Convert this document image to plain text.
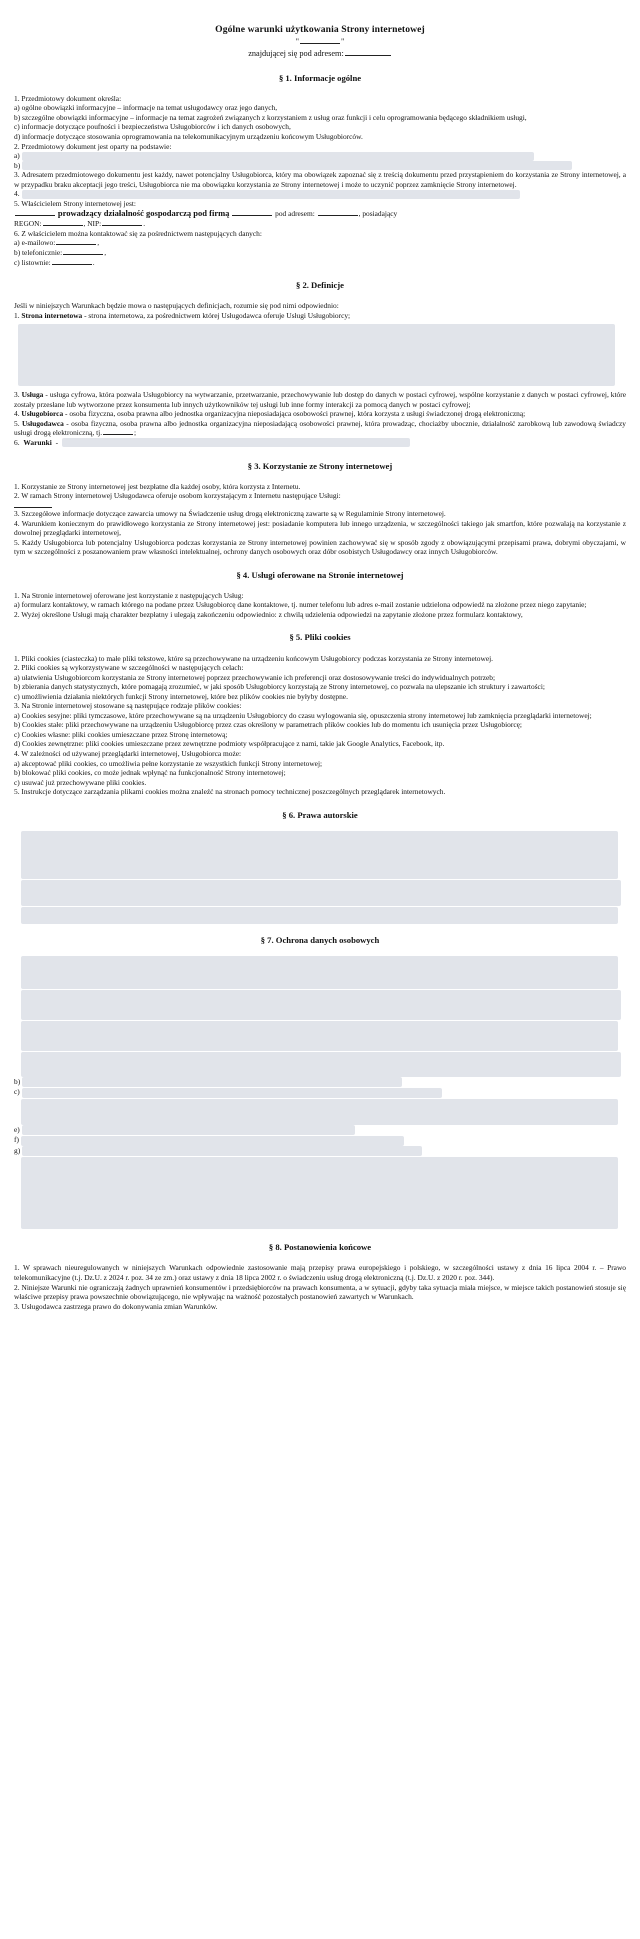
Ogólne warunki użytkowania Strony internetowej
"	"
znajdującej się pod adresem:
§ 1. Informacje ogólne

1. Przedmiotowy dokument określa:

a) ogólne obowiązki informacyjne – informacje na temat usługodawcy oraz jego danych,

b) szczególne obowiązki informacyjne – informacje na temat zagrożeń związanych z korzystaniem z usług oraz funkcji i celu oprogramowania będącego składnikiem usługi,

c) informacje dotyczące poufności i bezpieczeństwa Usługobiorców i ich danych osobowych,

d) informacje dotyczące stosowania oprogramowania na telekomunikacyjnym urządzeniu końcowym Usługobiorców.

2. Przedmiotowy dokument jest oparty na podstawie:

a)
b)

3. Adresatem przedmiotowego dokumentu jest każdy, nawet potencjalny Usługobiorca, który ma obowiązek zapoznać się z treścią dokumentu przed przystąpieniem do korzystania ze Strony internetowej, a w przypadku braku akceptacji jego treści, Usługobiorca nie ma obowiązku korzystania ze Strony internetowej i może to uczynić poprzez zamknięcie Strony internetowej.

4.

5. Właścicielem Strony internetowej jest:

prowadzący działalność gospodarczą pod firmą	pod adresem:	, posiadający

REGON:	, NIP:	.

6. Z właścicielem można kontaktować się za pośrednictwem następujących danych:

a) e-mailowo:	,

b) telefonicznie:	,

c) listownie:	.

§ 2. Definicje

Jeśli w niniejszych Warunkach będzie mowa o następujących definicjach, rozumie się pod nimi odpowiednio:

1. Strona internetowa - strona internetowa, za pośrednictwem której Usługodawca oferuje Usługi Usługobiorcy;

3. Usługa - usługa cyfrowa, która pozwala Usługobiorcy na wytwarzanie, przetwarzanie, przechowywanie lub dostęp do danych w postaci cyfrowej, wspólne korzystanie z danych w postaci cyfrowej, które zostały przesłane lub wytworzone przez konsumenta lub innych użytkowników tej usługi lub inne formy interakcji za pomocą danych w postaci cyfrowej;

4. Usługobiorca - osoba fizyczna, osoba prawna albo jednostka organizacyjna nieposiadająca osobowości prawnej, która korzysta z usługi świadczonej drogą elektroniczną;

5. Usługodawca - osoba fizyczna, osoba prawna albo jednostka organizacyjna nieposiadającą osobowości prawnej, która prowadząc, chociażby ubocznie, działalność zarobkową lub zawodową świadczy usługi drogą elektroniczną, tj.	;

6.
Warunki
-

§ 3. Korzystanie ze Strony internetowej

1. Korzystanie ze Strony internetowej jest bezpłatne dla każdej osoby, która korzysta z Internetu.

2. W ramach Strony internetowej Usługodawca oferuje osobom korzystającym z Internetu następujące Usługi:

3. Szczegółowe informacje dotyczące zawarcia umowy na Świadczenie usług drogą elektroniczną zawarte są w Regulaminie Strony internetowej.

4. Warunkiem koniecznym do prawidłowego korzystania ze Strony internetowej jest: posiadanie komputera lub innego urządzenia, w szczególności takiego jak smartfon, które pozwalają na korzystanie z dowolnej przeglądarki internetowej,

5. Każdy Usługobiorca lub potencjalny Usługobiorca podczas korzystania ze Strony internetowej powinien zachowywać się w sposób zgody z obowiązującymi przepisami prawa, dobrymi obyczajami, w tym w szczególności z poszanowaniem praw własności intelektualnej, ochrony danych osobowych oraz dóbr osobistych Usługodawcy oraz innych Usługobiorców.

§ 4. Usługi oferowane na Stronie internetowej

1. Na Stronie internetowej oferowane jest korzystanie z następujących Usług:

a) formularz kontaktowy, w ramach którego na podane przez Usługobiorcę dane kontaktowe, tj. numer telefonu lub adres e-mail zostanie udzielona odpowiedź na złożone przez niego zapytanie;

2. Wyżej określone Usługi mają charakter bezpłatny i ulegają zakończeniu odpowiednio: z chwilą udzielenia odpowiedzi na zapytanie złożone przez formularz kontaktowy,

§ 5. Pliki cookies

1. Pliki cookies (ciasteczka) to małe pliki tekstowe, które są przechowywane na urządzeniu końcowym Usługobiorcy podczas korzystania ze Strony internetowej.

2. Pliki cookies są wykorzystywane w szczególności w następujących celach:

a) ułatwienia Usługobiorcom korzystania ze Strony internetowej poprzez przechowywanie ich preferencji oraz dostosowywanie treści do indywidualnych potrzeb;

b) zbierania danych statystycznych, które pomagają zrozumieć, w jaki sposób Usługobiorcy korzystają ze Strony internetowej, co pozwala na ulepszanie ich struktury i zawartości;

c) umożliwienia działania niektórych funkcji Strony internetowej, które bez plików cookies nie byłyby dostępne.

3. Na Stronie internetowej stosowane są następujące rodzaje plików cookies:

a) Cookies sesyjne: pliki tymczasowe, które przechowywane są na urządzeniu Usługobiorcy do czasu wylogowania się, opuszczenia strony internetowej lub zamknięcia przeglądarki internetowej;

b) Cookies stałe: pliki przechowywane na urządzeniu Usługobiorcę przez czas określony w parametrach plików cookies lub do momentu ich usunięcia przez Usługobiorcę;

c) Cookies własne: pliki cookies umieszczane przez Stronę internetową;

d) Cookies zewnętrzne: pliki cookies umieszczane przez zewnętrzne podmioty współpracujące z nami, takie jak Google Analytics, Facebook, itp.

4. W zależności od używanej przeglądarki internetowej, Usługobiorca może:

a) akceptować pliki cookies, co umożliwia pełne korzystanie ze wszystkich funkcji Strony internetowej;

b) blokować pliki cookies, co może jednak wpłynąć na funkcjonalność Strony internetowej;

c) usuwać już przechowywane pliki cookies.

5. Instrukcje dotyczące zarządzania plikami cookies można znaleźć na stronach pomocy technicznej poszczególnych przeglądarek internetowych.

§ 6. Prawa autorskie
§ 7. Ochrona danych osobowych
b)
c)
e)
f)
g)
§ 8. Postanowienia końcowe

1. W sprawach nieuregulowanych w niniejszych Warunkach odpowiednie zastosowanie mają przepisy prawa europejskiego i polskiego, w szczególności ustawy z dnia 16 lipca 2004 r. – Prawo telekomunikacyjne (t.j. Dz.U. z 2024 r. poz. 34 ze zm.) oraz ustawy z dnia 18 lipca 2002 r. o świadczeniu usług drogą elektroniczną (t.j. Dz.U. z 2020 r. poz. 344).

2. Niniejsze Warunki nie ograniczają żadnych uprawnień konsumentów i przedsiębiorców na prawach konsumenta, a w sytuacji, gdyby taka sytuacja miała miejsce, w miejsce takich postanowień stosuje się właściwe przepisy prawa powszechnie obowiązującego, nie wpływając na ważność pozostałych postanowień zawartych w Warunkach.

3. Usługodawca zastrzega prawo do dokonywania zmian Warunków.
